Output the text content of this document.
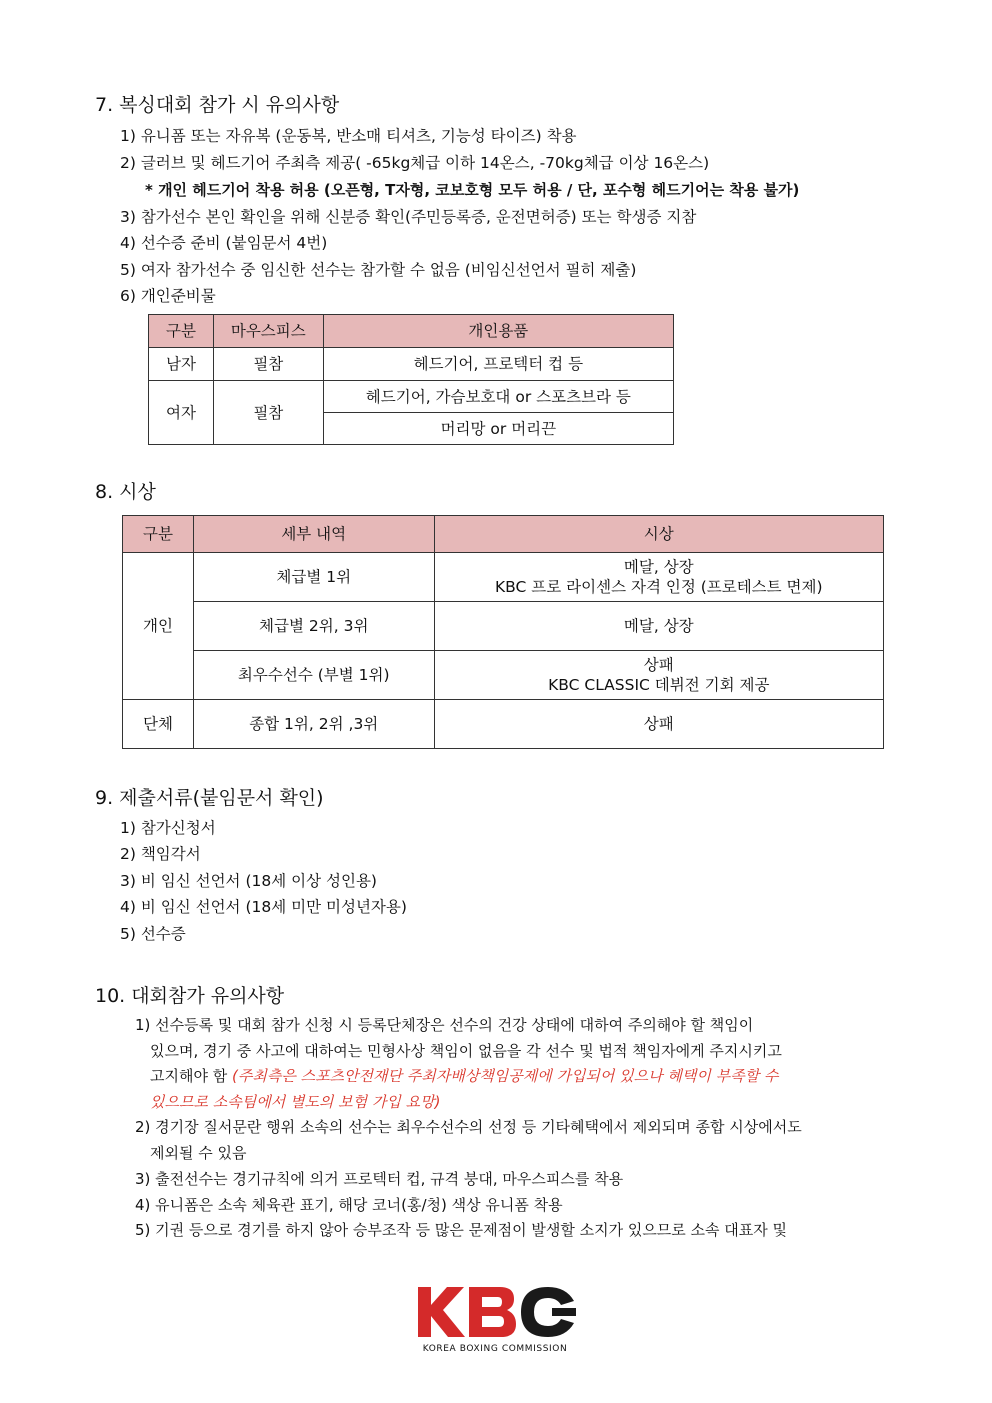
7. 복싱대회 참가 시 유의사항
1) 유니폼 또는 자유복 (운동복, 반소매 티셔츠, 기능성 타이즈) 착용
2) 글러브 및 헤드기어 주최측 제공( -65kg체급 이하 14온스, -70kg체급 이상 16온스)
* 개인 헤드기어 착용 허용 (오픈형, T자형, 코보호형 모두 허용 / 단, 포수형 헤드기어는 착용 불가)
3) 참가선수 본인 확인을 위해 신분증 확인(주민등록증, 운전면허증) 또는 학생증 지참
4) 선수증 준비 (붙임문서 4번)
5) 여자 참가선수 중 임신한 선수는 참가할 수 없음 (비임신선언서 필히 제출)
6) 개인준비물
구분	마우스피스	개인용품
남자	필참	헤드기어, 프로텍터 컵 등
여자	필참	헤드기어, 가슴보호대 or 스포츠브라 등
		머리망 or 머리끈
8. 시상
구분	세부 내역	시상
개인	체급별 1위	메달, 상장
KBC 프로 라이센스 자격 인정 (프로테스트 면제)

	체급별 2위, 3위	메달, 상장
	최우수선수 (부별 1위)	상패
KBC CLASSIC 데뷔전 기회 제공

단체	종합 1위, 2위 ,3위	상패
9. 제출서류(붙임문서 확인)
1) 참가신청서
2) 책임각서
3) 비 임신 선언서 (18세 이상 성인용)
4) 비 임신 선언서 (18세 미만 미성년자용)
5) 선수증
10. 대회참가 유의사항
1) 선수등록 및 대회 참가 신청 시 등록단체장은 선수의 건강 상태에 대하여 주의해야 할 책임이
있으며, 경기 중 사고에 대하여는 민형사상 책임이 없음을 각 선수 및 법적 책임자에게 주지시키고
고지해야 함 (주최측은 스포츠안전재단 주최자배상책임공제에 가입되어 있으나 혜택이 부족할 수
있으므로 소속팀에서 별도의 보험 가입 요망)
2) 경기장 질서문란 행위 소속의 선수는 최우수선수의 선정 등 기타혜택에서 제외되며 종합 시상에서도
제외될 수 있음
3) 출전선수는 경기규칙에 의거 프로텍터 컵, 규격 붕대, 마우스피스를 착용
4) 유니폼은 소속 체육관 표기, 해당 코너(홍/청) 색상 유니폼 착용
5) 기권 등으로 경기를 하지 않아 승부조작 등 많은 문제점이 발생할 소지가 있으므로 소속 대표자 및
KOREA BOXING COMMISSION
